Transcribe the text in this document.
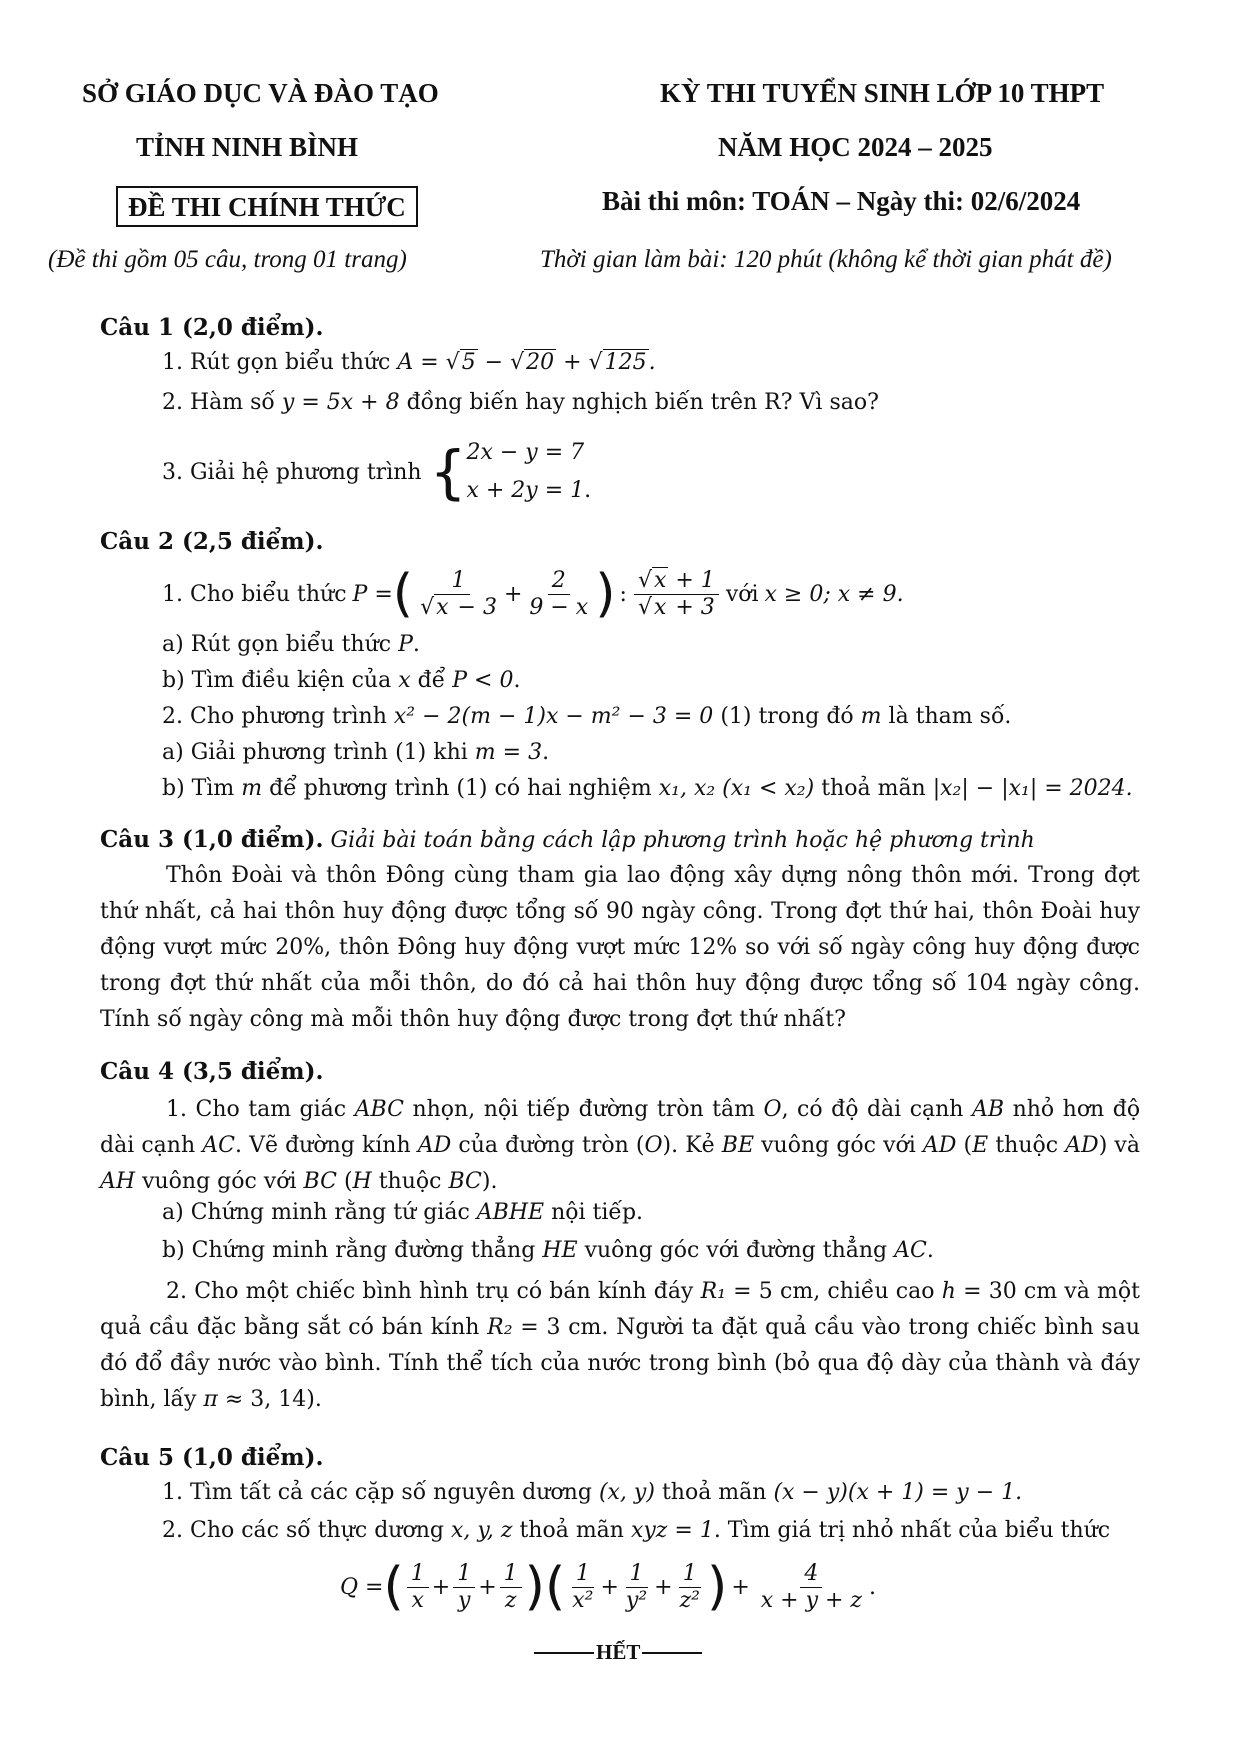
SỞ GIÁO DỤC VÀ ĐÀO TẠO
TỈNH NINH BÌNH
ĐỀ THI CHÍNH THỨC
(Đề thi gồm 05 câu, trong 01 trang)
KỲ THI TUYỂN SINH LỚP 10 THPT
NĂM HỌC 2024 – 2025
Bài thi môn: TOÁN – Ngày thi: 02/6/2024
Thời gian làm bài: 120 phút (không kể thời gian phát đề)
Câu 1 (2,0 điểm).
1. Rút gọn biểu thức A = √5 − √20 + √125.
2. Hàm số y = 5x + 8 đồng biến hay nghịch biến trên R? Vì sao?
3. Giải hệ phương trình { 2x − y = 7
x + 2y = 1.
Câu 2 (2,5 điểm).
1. Cho biểu thức P = ( $\frac{1}{√x - 3} + \frac{2}{9 - x}$ ) : $\frac{√x + 1}{√x + 3}$ với x ≥ 0; x ≠ 9.
a) Rút gọn biểu thức P.
b) Tìm điều kiện của x để P < 0.
2. Cho phương trình x² − 2(m − 1)x − m² − 3 = 0 (1) trong đó m là tham số.
a) Giải phương trình (1) khi m = 3.
b) Tìm m để phương trình (1) có hai nghiệm x₁, x₂ (x₁ < x₂) thoả mãn |x₂| − |x₁| = 2024.
Câu 3 (1,0 điểm). Giải bài toán bằng cách lập phương trình hoặc hệ phương trình
Thôn Đoài và thôn Đông cùng tham gia lao động xây dựng nông thôn mới. Trong đợt thứ nhất, cả hai thôn huy động được tổng số 90 ngày công. Trong đợt thứ hai, thôn Đoài huy động vượt mức 20%, thôn Đông huy động vượt mức 12% so với số ngày công huy động được trong đợt thứ nhất của mỗi thôn, do đó cả hai thôn huy động được tổng số 104 ngày công. Tính số ngày công mà mỗi thôn huy động được trong đợt thứ nhất?
Câu 4 (3,5 điểm).
1. Cho tam giác ABC nhọn, nội tiếp đường tròn tâm O, có độ dài cạnh AB nhỏ hơn độ dài cạnh AC. Vẽ đường kính AD của đường tròn (O). Kẻ BE vuông góc với AD (E thuộc AD) và AH vuông góc với BC (H thuộc BC).
a) Chứng minh rằng tứ giác ABHE nội tiếp.
b) Chứng minh rằng đường thẳng HE vuông góc với đường thẳng AC.
2. Cho một chiếc bình hình trụ có bán kính đáy R₁ = 5 cm, chiều cao h = 30 cm và một quả cầu đặc bằng sắt có bán kính R₂ = 3 cm. Người ta đặt quả cầu vào trong chiếc bình sau đó đổ đầy nước vào bình. Tính thể tích của nước trong bình (bỏ qua độ dày của thành và đáy bình, lấy π ≈ 3, 14).
Câu 5 (1,0 điểm).
1. Tìm tất cả các cặp số nguyên dương (x, y) thoả mãn (x − y)(x + 1) = y − 1.
2. Cho các số thực dương x, y, z thoả mãn xyz = 1. Tìm giá trị nhỏ nhất của biểu thức
Q = ( $\frac{1}{x} + \frac{1}{y} + \frac{1}{z}$ ) ( $\frac{1}{\text{x²}} + \frac{1}{\text{y²}} + \frac{1}{\text{z²}}$ ) + $\frac{4}{x + y + z}$ .
HẾT
